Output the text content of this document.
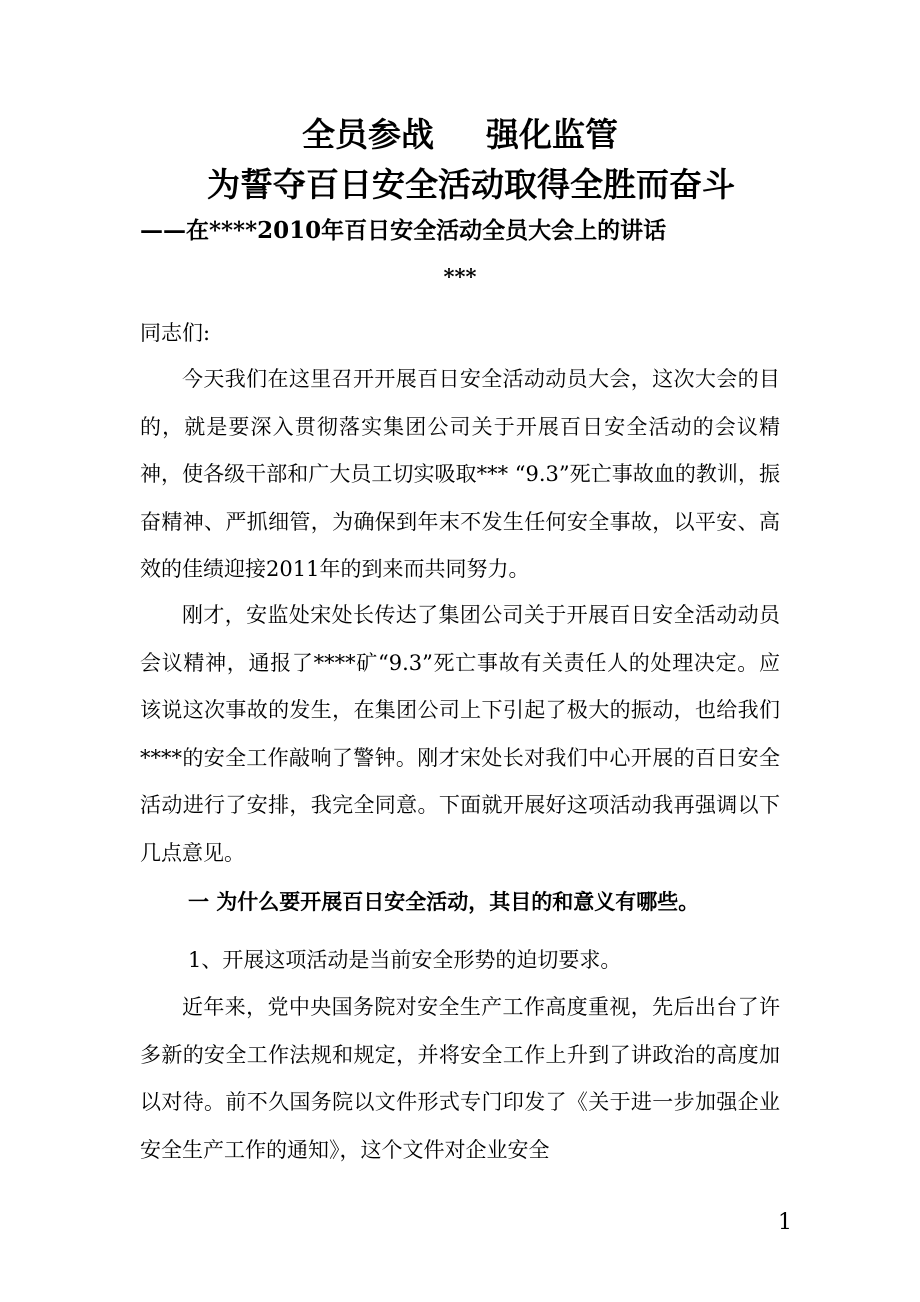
全员参战 强化监管
为誓夺百日安全活动取得全胜而奋斗
——在****2010年百日安全活动全员大会上的讲话
***
同志们:

今天我们在这里召开开展百日安全活动动员大会，这次大会的目的，就是要深入贯彻落实集团公司关于开展百日安全活动的会议精神，使各级干部和广大员工切实吸取*** “9.3”死亡事故血的教训，振奋精神、严抓细管，为确保到年末不发生任何安全事故，以平安、高效的佳绩迎接2011年的到来而共同努力。

刚才，安监处宋处长传达了集团公司关于开展百日安全活动动员会议精神，通报了****矿“9.3”死亡事故有关责任人的处理决定。应该说这次事故的发生，在集团公司上下引起了极大的振动，也给我们****的安全工作敲响了警钟。刚才宋处长对我们中心开展的百日安全活动进行了安排，我完全同意。下面就开展好这项活动我再强调以下几点意见。

一 为什么要开展百日安全活动，其目的和意义有哪些。
1、开展这项活动是当前安全形势的迫切要求。

近年来，党中央国务院对安全生产工作高度重视，先后出台了许多新的安全工作法规和规定，并将安全工作上升到了讲政治的高度加以对待。前不久国务院以文件形式专门印发了《关于进一步加强企业安全生产工作的通知》，这个文件对企业安全

1
